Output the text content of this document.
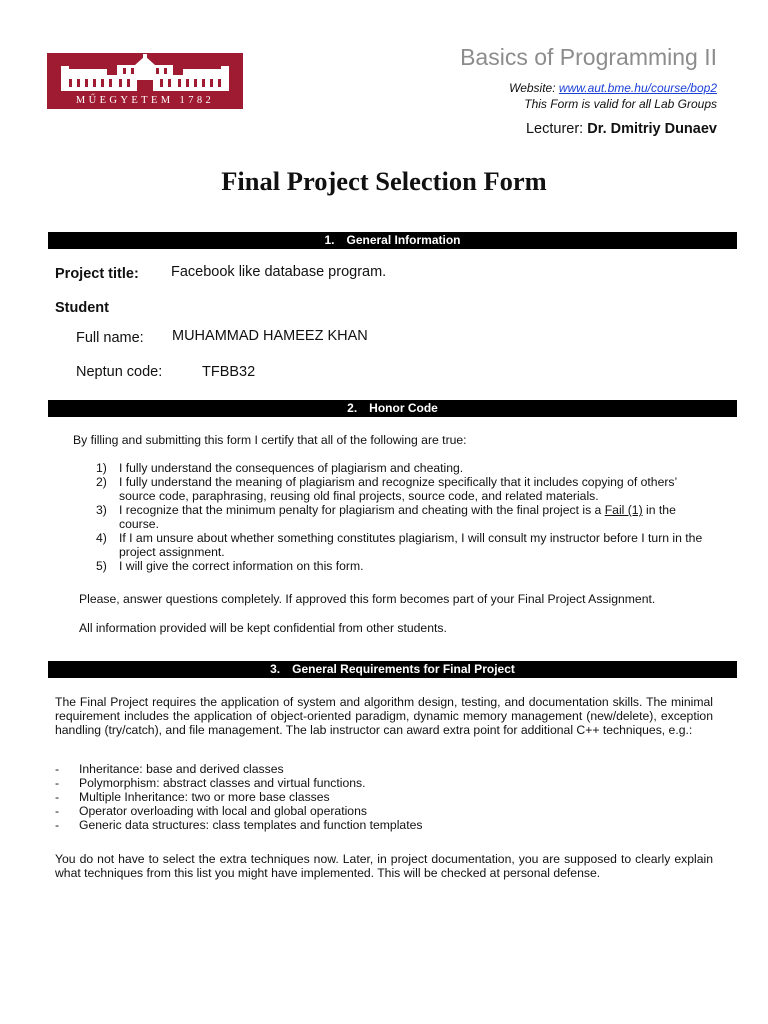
MŰEGYETEM 1782
Basics of Programming II
Website: www.aut.bme.hu/course/bop2
This Form is valid for all Lab Groups
Lecturer: Dr. Dmitriy Dunaev
Final Project Selection Form
1. General Information
Project title: Facebook like database program.
Student
Full name: MUHAMMAD HAMEEZ KHAN
Neptun code:	TFBB32
2. Honor Code
By filling and submitting this form I certify that all of the following are true:
1) I fully understand the consequences of plagiarism and cheating.
2) I fully understand the meaning of plagiarism and recognize specifically that it includes copying of others’ source code, paraphrasing, reusing old final projects, source code, and related materials.
3) I recognize that the minimum penalty for plagiarism and cheating with the final project is a Fail (1) in the course.
4) If I am unsure about whether something constitutes plagiarism, I will consult my instructor before I turn in the project assignment.
5) I will give the correct information on this form.
Please, answer questions completely. If approved this form becomes part of your Final Project Assignment.
All information provided will be kept confidential from other students.
3. General Requirements for Final Project
The Final Project requires the application of system and algorithm design, testing, and documentation skills. The minimal requirement includes the application of object-oriented paradigm, dynamic memory management (new/delete), exception handling (try/catch), and file management. The lab instructor can award extra point for additional C++ techniques, e.g.:
- Inheritance: base and derived classes
- Polymorphism: abstract classes and virtual functions.
- Multiple Inheritance: two or more base classes
- Operator overloading with local and global operations
- Generic data structures: class templates and function templates
You do not have to select the extra techniques now. Later, in project documentation, you are supposed to clearly explain what techniques from this list you might have implemented. This will be checked at personal defense.
